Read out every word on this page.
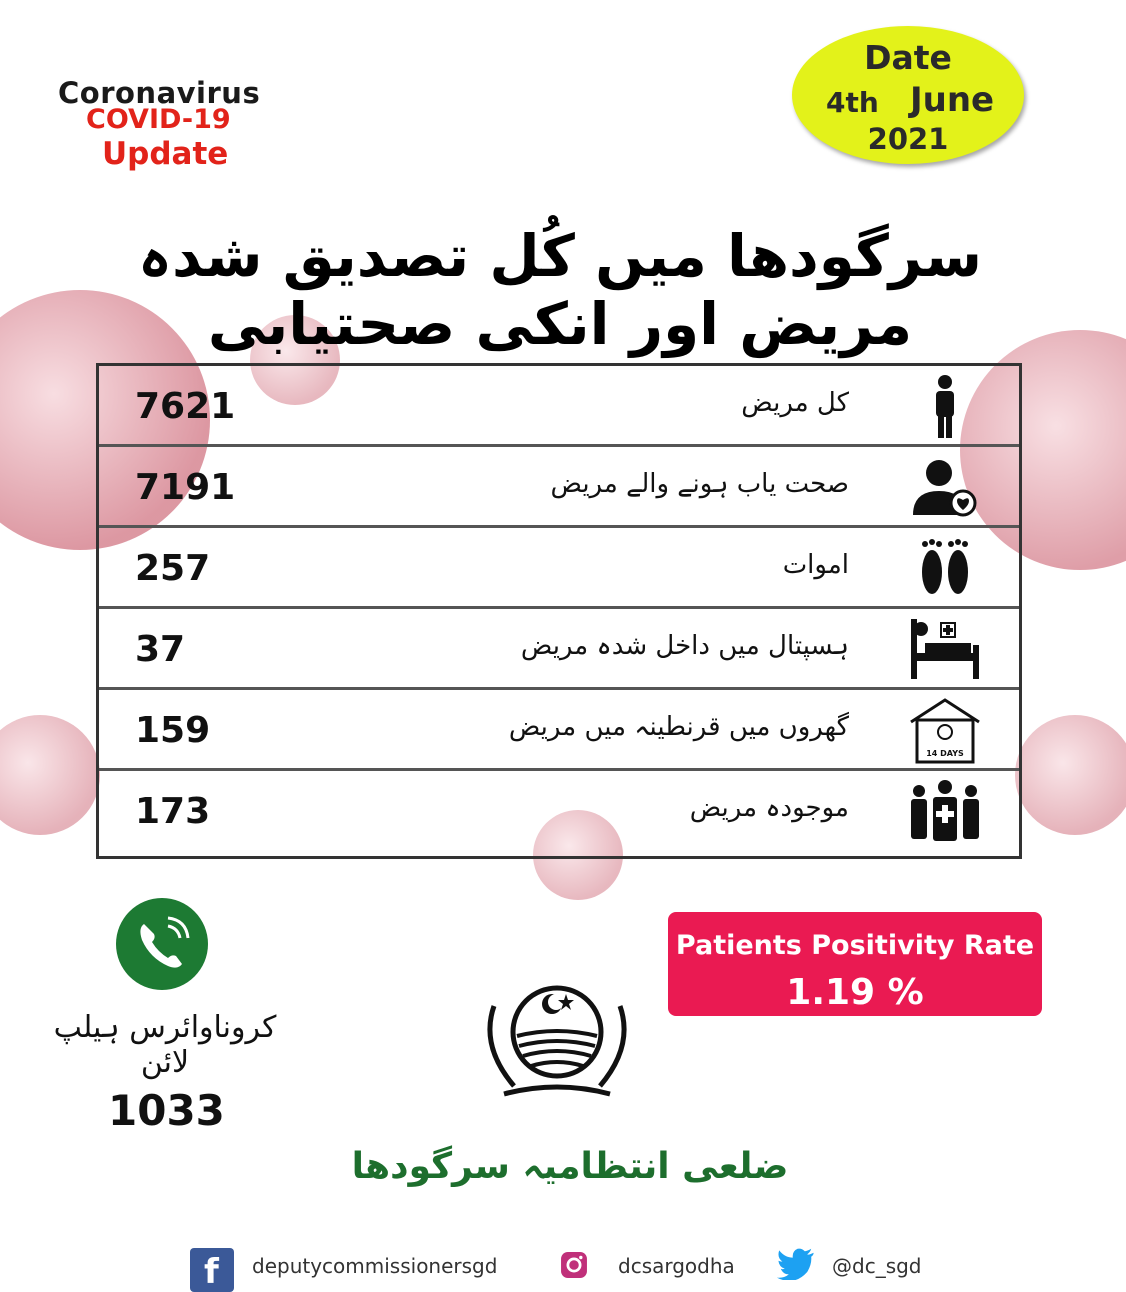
Coronavirus
COVID-19
Update
Date
4th June
2021
سرگودھا میں کُل تصدیق شدہ مریض اور انکی صحتیابی
7621	کل مریض
7191	صحت یاب ہونے والے مریض
257	اموات
37	ہسپتال میں داخل شدہ مریض
159	گھروں میں قرنطینہ میں مریض
14 DAYS
173	موجودہ مریض
کروناوائرس ہیلپ لائن
1033
Patients Positivity Rate
1.19 %
ضلعی انتظامیہ سرگودھا
f deputycommissionersgd	dcsargodha	@dc_sgd
